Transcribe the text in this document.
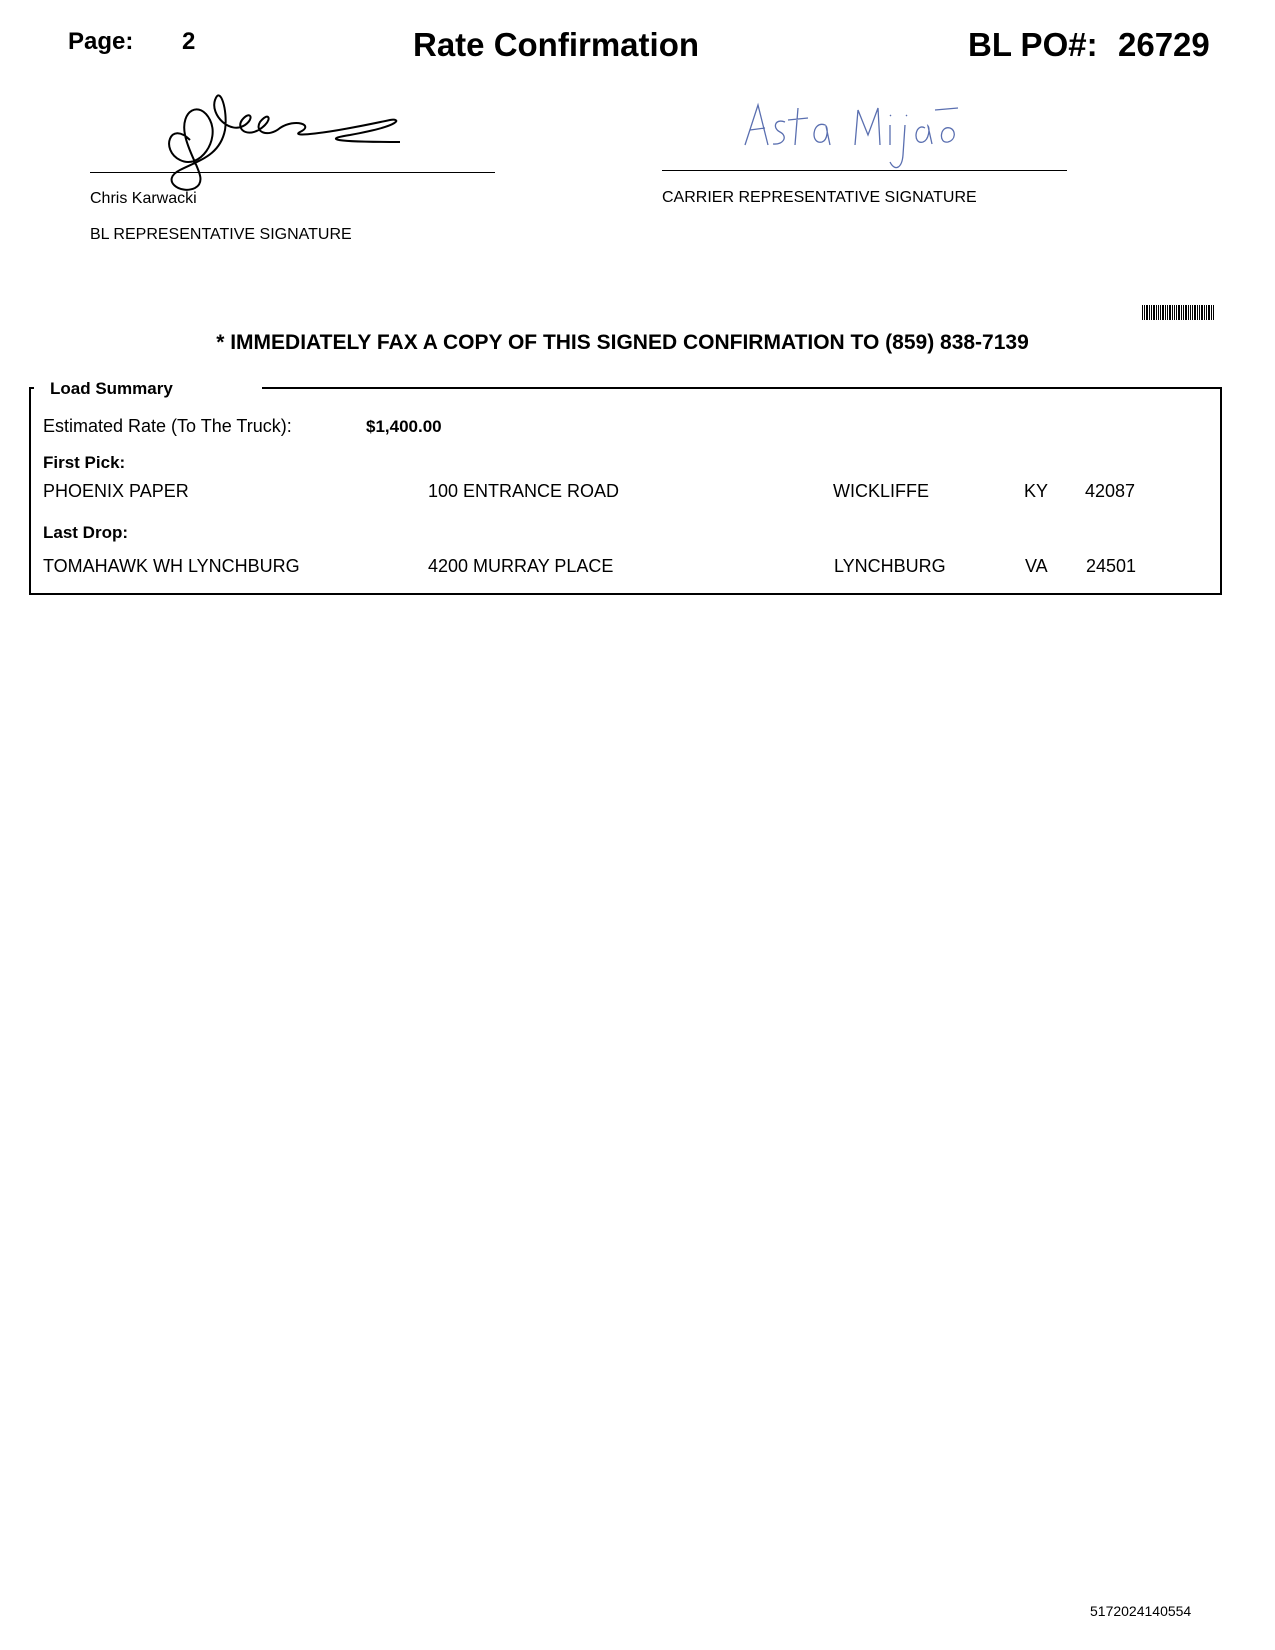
Page: 2	Rate Confirmation	BL PO#: 26729
Chris Karwacki
BL REPRESENTATIVE SIGNATURE
CARRIER REPRESENTATIVE SIGNATURE
* IMMEDIATELY FAX A COPY OF THIS SIGNED CONFIRMATION TO (859) 838-7139
Load Summary
Estimated Rate (To The Truck):	$1,400.00
First Pick:
PHOENIX PAPER	100 ENTRANCE ROAD	WICKLIFFE	KY 42087
Last Drop:
TOMAHAWK WH LYNCHBURG	4200 MURRAY PLACE	LYNCHBURG	VA 24501
5172024140554
